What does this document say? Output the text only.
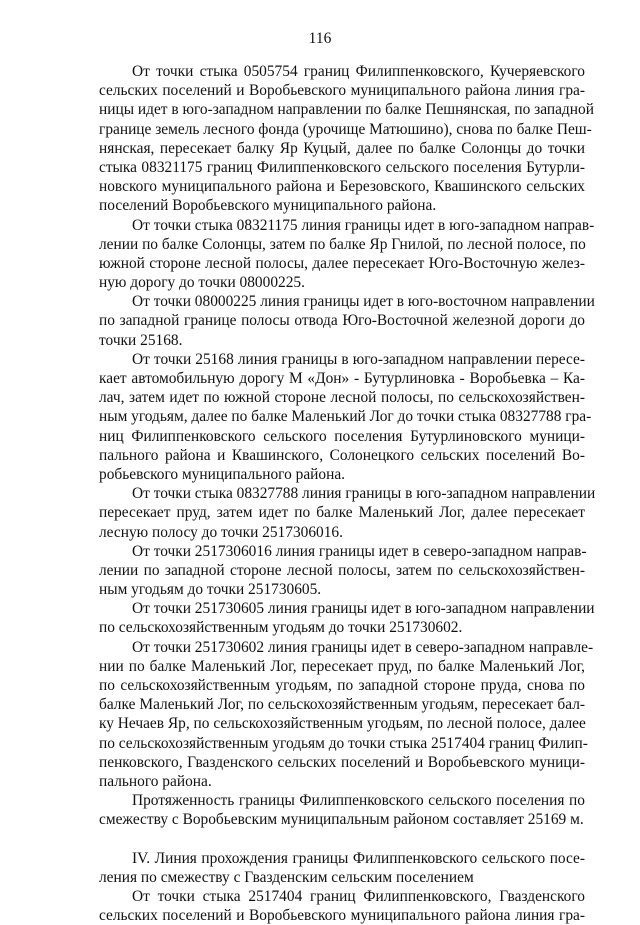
116
От точки стыка 0505754 границ Филиппенковского, Кучеряевского
сельских поселений и Воробьевского муниципального района линия гра-
ницы идет в юго-западном направлении по балке Пешнянская, по западной
границе земель лесного фонда (урочище Матюшино), снова по балке Пеш-
нянская, пересекает балку Яр Куцый, далее по балке Солонцы до точки
стыка 08321175 границ Филиппенковского сельского поселения Бутурли-
новского муниципального района и Березовского, Квашинского сельских
поселений Воробьевского муниципального района.
От точки стыка 08321175 линия границы идет в юго-западном направ-
лении по балке Солонцы, затем по балке Яр Гнилой, по лесной полосе, по
южной стороне лесной полосы, далее пересекает Юго-Восточную желез-
ную дорогу до точки 08000225.
От точки 08000225 линия границы идет в юго-восточном направлении
по западной границе полосы отвода Юго-Восточной железной дороги до
точки 25168.
От точки 25168 линия границы в юго-западном направлении пересе-
кает автомобильную дорогу М «Дон» - Бутурлиновка - Воробьевка – Ка-
лач, затем идет по южной стороне лесной полосы, по сельскохозяйствен-
ным угодьям, далее по балке Маленький Лог до точки стыка 08327788 гра-
ниц Филиппенковского сельского поселения Бутурлиновского муници-
пального района и Квашинского, Солонецкого сельских поселений Во-
робьевского муниципального района.
От точки стыка 08327788 линия границы в юго-западном направлении
пересекает пруд, затем идет по балке Маленький Лог, далее пересекает
лесную полосу до точки 2517306016.
От точки 2517306016 линия границы идет в северо-западном направ-
лении по западной стороне лесной полосы, затем по сельскохозяйствен-
ным угодьям до точки 251730605.
От точки 251730605 линия границы идет в юго-западном направлении
по сельскохозяйственным угодьям до точки 251730602.
От точки 251730602 линия границы идет в северо-западном направле-
нии по балке Маленький Лог, пересекает пруд, по балке Маленький Лог,
по сельскохозяйственным угодьям, по западной стороне пруда, снова по
балке Маленький Лог, по сельскохозяйственным угодьям, пересекает бал-
ку Нечаев Яр, по сельскохозяйственным угодьям, по лесной полосе, далее
по сельскохозяйственным угодьям до точки стыка 2517404 границ Филип-
пенковского, Гвазденского сельских поселений и Воробьевского муници-
пального района.
Протяженность границы Филиппенковского сельского поселения по
смежеству с Воробьевским муниципальным районом составляет 25169 м.
IV. Линия прохождения границы Филиппенковского сельского посе-
ления по смежеству с Гвазденским сельским поселением
От точки стыка 2517404 границ Филиппенковского, Гвазденского
сельских поселений и Воробьевского муниципального района линия гра-
